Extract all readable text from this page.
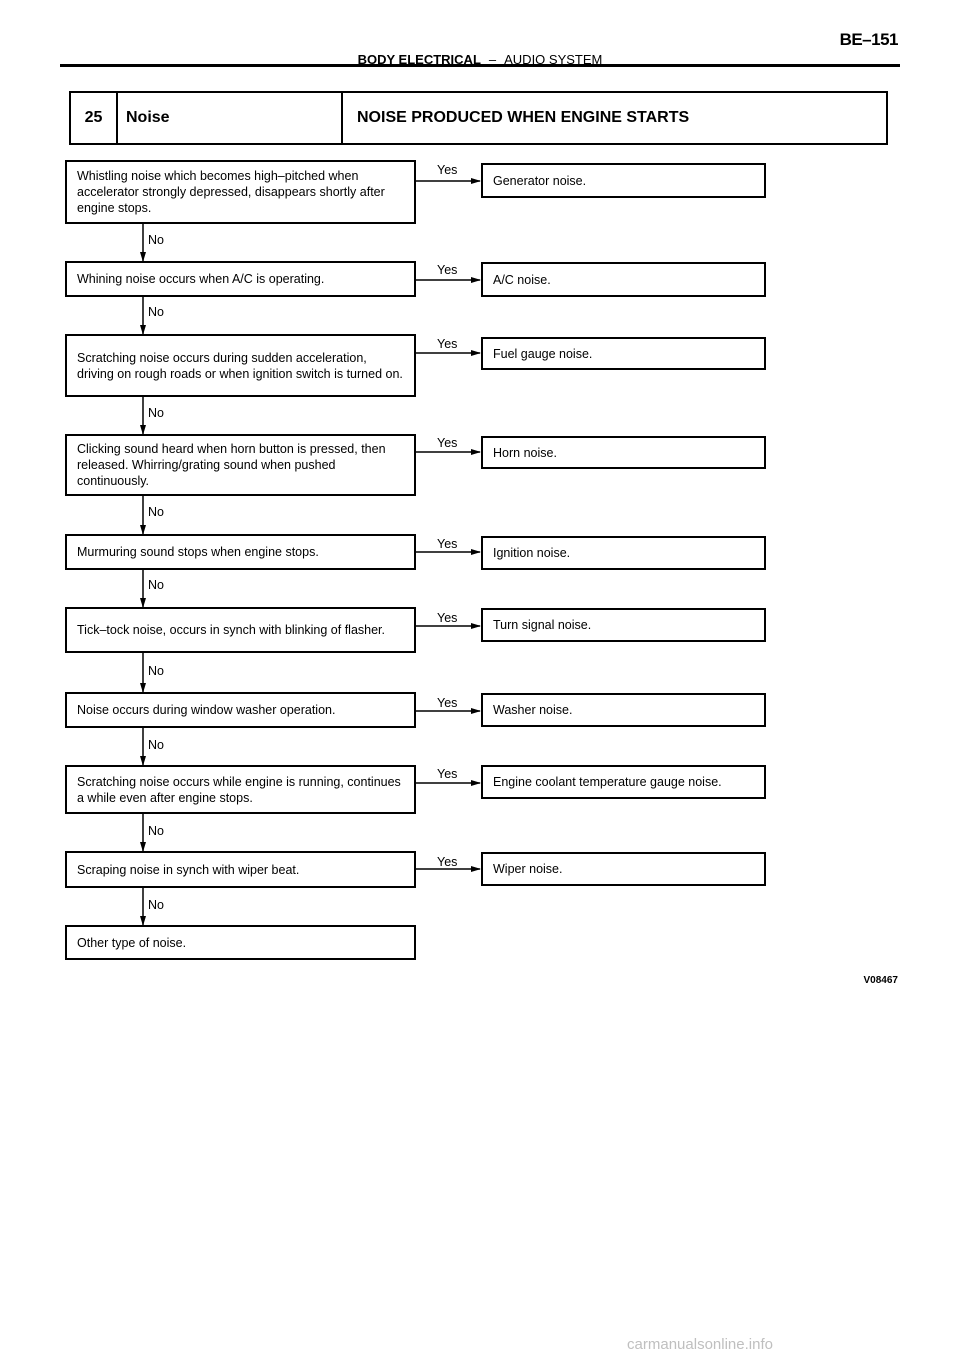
BE–151
BODY ELECTRICAL – AUDIO SYSTEM
25	Noise	NOISE PRODUCED WHEN ENGINE STARTS
Whistling noise which becomes high–pitched when accelerator strongly depressed, disappears shortly after engine stops.
Yes
Generator noise.
No
Whining noise occurs when A/C is operating.
Yes
A/C noise.
No
Scratching noise occurs during sudden acceleration, driving on rough roads or when ignition switch is turned on.
Yes
Fuel gauge noise.
No
Clicking sound heard when horn button is pressed, then released. Whirring/grating sound when pushed continuously.
Yes
Horn noise.
No
Murmuring sound stops when engine stops.
Yes
Ignition noise.
No
Tick–tock noise, occurs in synch with blinking of flasher.
Yes	Turn signal noise.
No
Noise occurs during window washer operation.	Yes	Washer noise.
No
Scratching noise occurs while engine is running, continues a while even after engine stops.
Yes
Engine coolant temperature gauge noise.
No
Scraping noise in synch with wiper beat.
Yes	Wiper noise.
No
Other type of noise.
V08467
carmanualsonline.info
